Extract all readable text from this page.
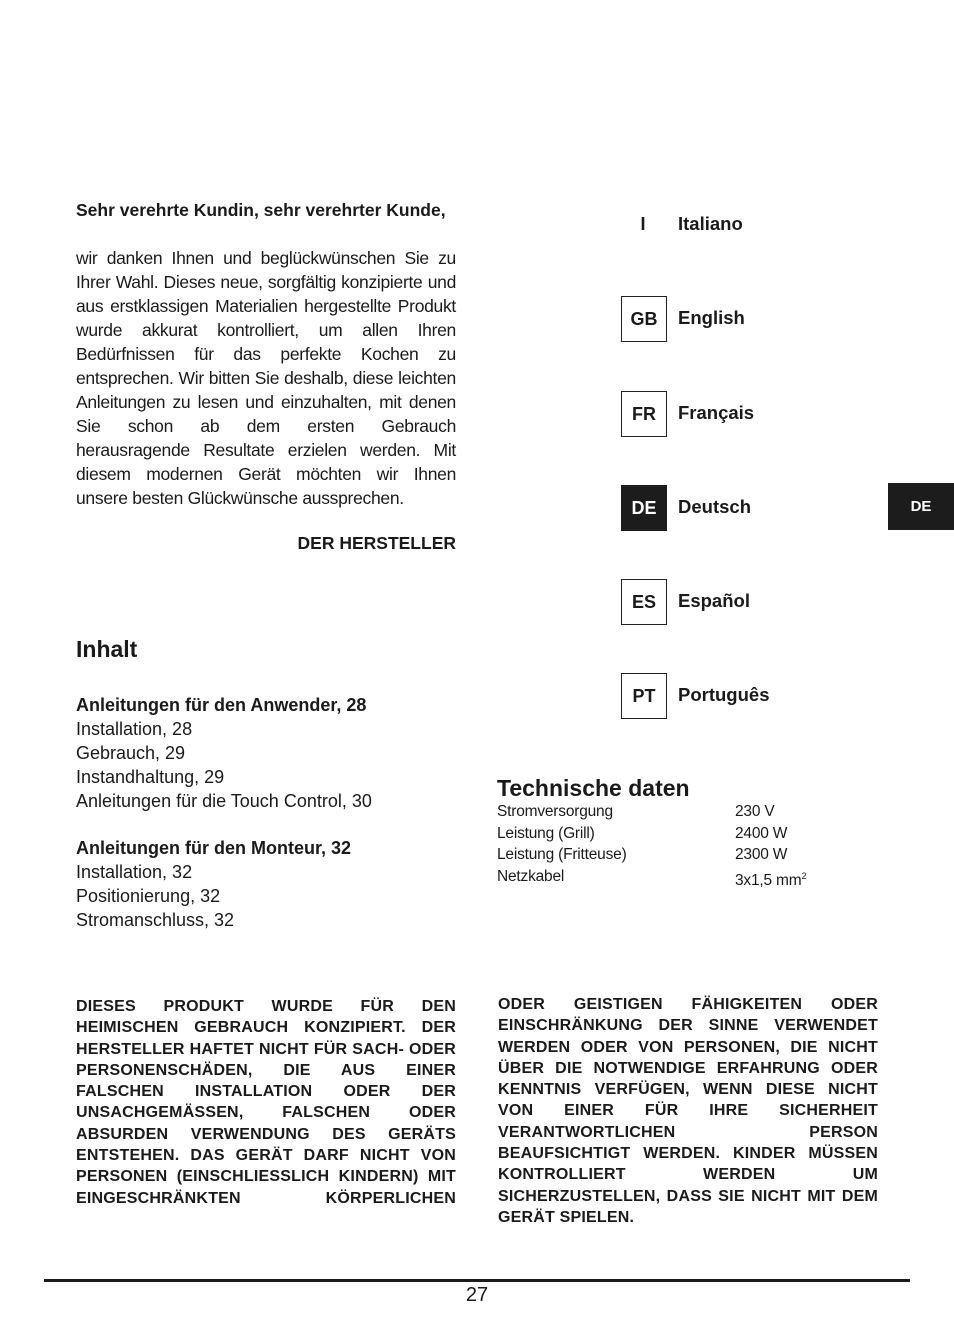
Sehr verehrte Kundin, sehr verehrter Kunde,
wir danken Ihnen und beglückwünschen Sie zu Ihrer Wahl. Dieses neue, sorgfältig konzipierte und aus erstklassigen Materialien hergestellte Produkt wurde akkurat kontrolliert, um allen Ihren Bedürfnissen für das perfekte Kochen zu entsprechen. Wir bitten Sie deshalb, diese leichten Anleitungen zu lesen und einzuhalten, mit denen Sie schon ab dem ersten Gebrauch herausragende Resultate erzielen werden. Mit diesem modernen Gerät möchten wir Ihnen unsere besten Glückwünsche aussprechen.
DER HERSTELLER
Inhalt
Anleitungen für den Anwender, 28
Installation, 28
Gebrauch, 29
Instandhaltung, 29
Anleitungen für die Touch Control, 30
Anleitungen für den Monteur, 32
Installation, 32
Positionierung, 32
Stromanschluss, 32
I	Italiano
GB	English
FR	Français
DE	Deutsch
ES	Español
PT	Português
DE
Technische daten
Stromversorgung	230 V
Leistung (Grill)	2400 W
Leistung (Fritteuse)	2300 W
Netzkabel	3x1,5 $mm^2$
DIESES PRODUKT WURDE FÜR DEN HEIMISCHEN GEBRAUCH KONZIPIERT. DER HERSTELLER HAFTET NICHT FÜR SACH- ODER PERSONENSCHÄDEN, DIE AUS EINER FALSCHEN INSTALLATION ODER DER UNSACHGEMÄSSEN, FALSCHEN ODER ABSURDEN VERWENDUNG DES GERÄTS ENTSTEHEN. DAS GERÄT DARF NICHT VON PERSONEN (EINSCHLIESSLICH KINDERN) MIT EINGESCHRÄNKTEN KÖRPERLICHEN
ODER GEISTIGEN FÄHIGKEITEN ODER EINSCHRÄNKUNG DER SINNE VERWENDET WERDEN ODER VON PERSONEN, DIE NICHT ÜBER DIE NOTWENDIGE ERFAHRUNG ODER KENNTNIS VERFÜGEN, WENN DIESE NICHT VON EINER FÜR IHRE SICHERHEIT VERANTWORTLICHEN PERSON BEAUFSICHTIGT WERDEN. KINDER MÜSSEN KONTROLLIERT WERDEN UM SICHERZUSTELLEN, DASS SIE NICHT MIT DEM GERÄT SPIELEN.
27
